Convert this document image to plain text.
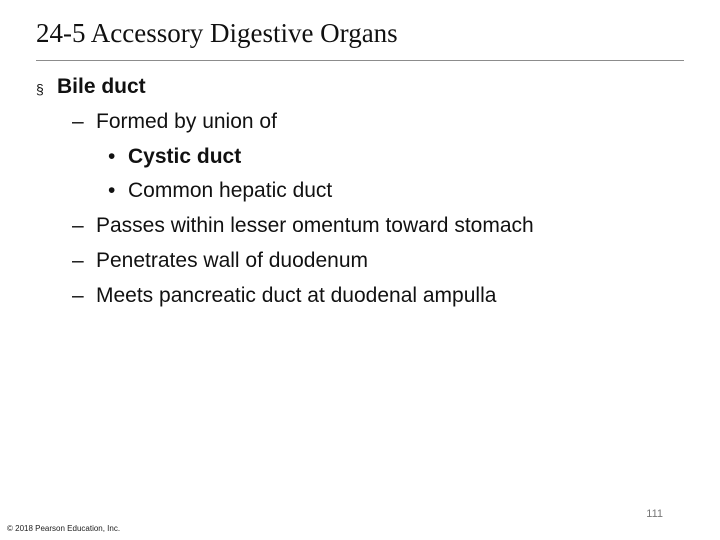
24-5 Accessory Digestive Organs
§ Bile duct
– Formed by union of
• Cystic duct
• Common hepatic duct
– Passes within lesser omentum toward stomach
– Penetrates wall of duodenum
– Meets pancreatic duct at duodenal ampulla
111
© 2018 Pearson Education, Inc.
